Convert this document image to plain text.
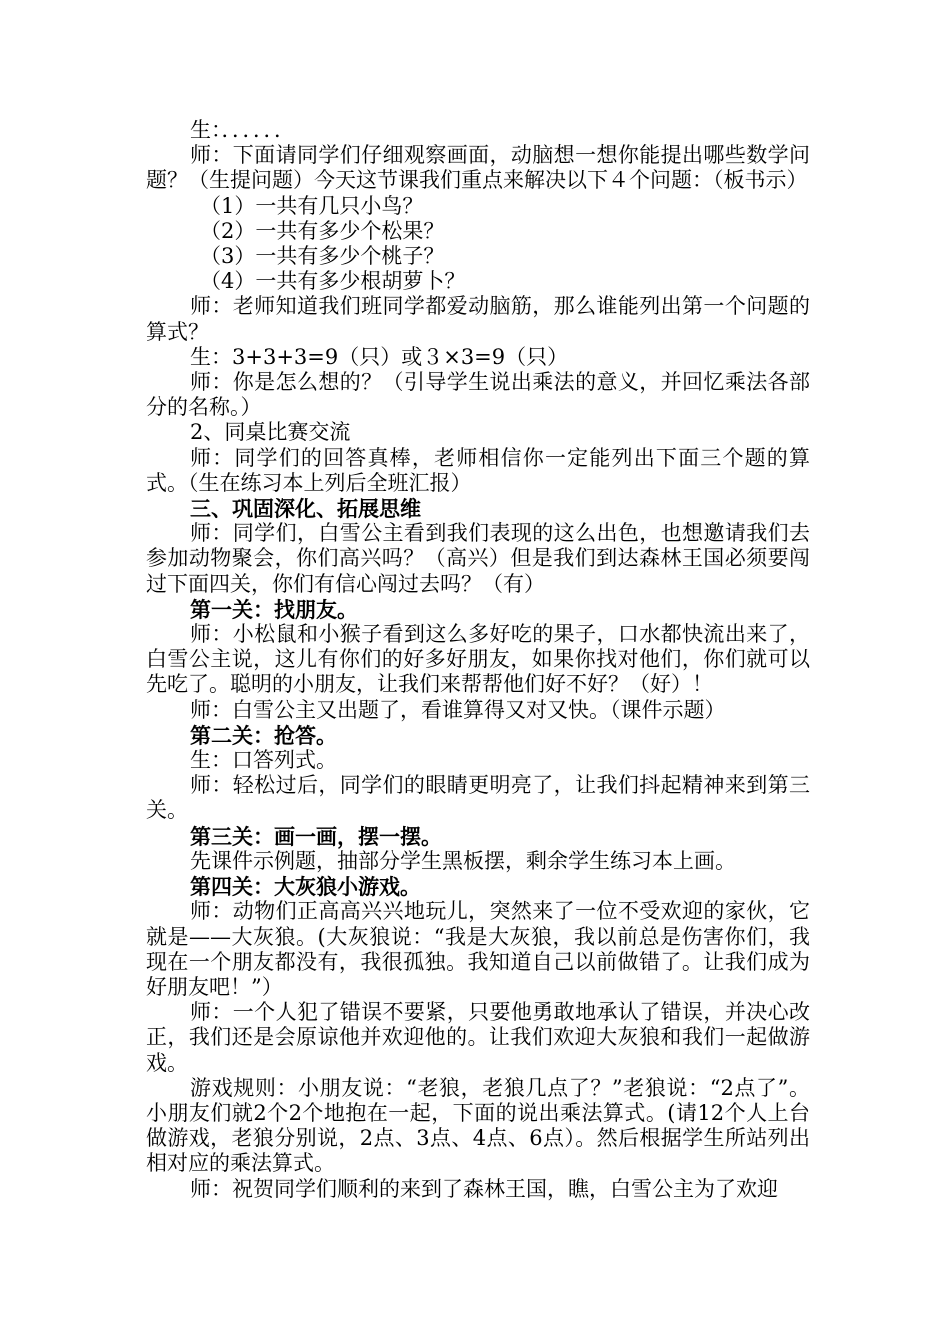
生：．．．．．．

师：下面请同学们仔细观察画面，动脑想一想你能提出哪些数学问题？（生提问题）今天这节课我们重点来解决以下４个问题：（板书示）

（1）一共有几只小鸟？

（2）一共有多少个松果？

（3）一共有多少个桃子？

（4）一共有多少根胡萝卜？

师：老师知道我们班同学都爱动脑筋，那么谁能列出第一个问题的算式？

生：3+3+3=9（只）或３×3=9（只）

师：你是怎么想的？（引导学生说出乘法的意义，并回忆乘法各部分的名称。）

2、同桌比赛交流

师：同学们的回答真棒，老师相信你一定能列出下面三个题的算式。（生在练习本上列后全班汇报）

三、巩固深化、拓展思维

师：同学们，白雪公主看到我们表现的这么出色，也想邀请我们去参加动物聚会，你们高兴吗？（高兴）但是我们到达森林王国必须要闯过下面四关，你们有信心闯过去吗？（有）

第一关：找朋友。

师：小松鼠和小猴子看到这么多好吃的果子，口水都快流出来了，白雪公主说，这儿有你们的好多好朋友，如果你找对他们，你们就可以先吃了。聪明的小朋友，让我们来帮帮他们好不好？（好）！

师：白雪公主又出题了，看谁算得又对又快。（课件示题）

第二关：抢答。

生：口答列式。

师：轻松过后，同学们的眼睛更明亮了，让我们抖起精神来到第三关。

第三关：画一画，摆一摆。

先课件示例题，抽部分学生黑板摆，剩余学生练习本上画。

第四关：大灰狼小游戏。

师：动物们正高高兴兴地玩儿，突然来了一位不受欢迎的家伙，它就是——大灰狼。(大灰狼说：“我是大灰狼，我以前总是伤害你们，我现在一个朋友都没有，我很孤独。我知道自己以前做错了。让我们成为好朋友吧！”）

师：一个人犯了错误不要紧，只要他勇敢地承认了错误，并决心改正，我们还是会原谅他并欢迎他的。让我们欢迎大灰狼和我们一起做游戏。

游戏规则：小朋友说：“老狼，老狼几点了？”老狼说：“2点了”。小朋友们就2个2个地抱在一起，下面的说出乘法算式。(请12个人上台做游戏，老狼分别说，2点、3点、4点、6点）。然后根据学生所站列出相对应的乘法算式。

师：祝贺同学们顺利的来到了森林王国，瞧，白雪公主为了欢迎
